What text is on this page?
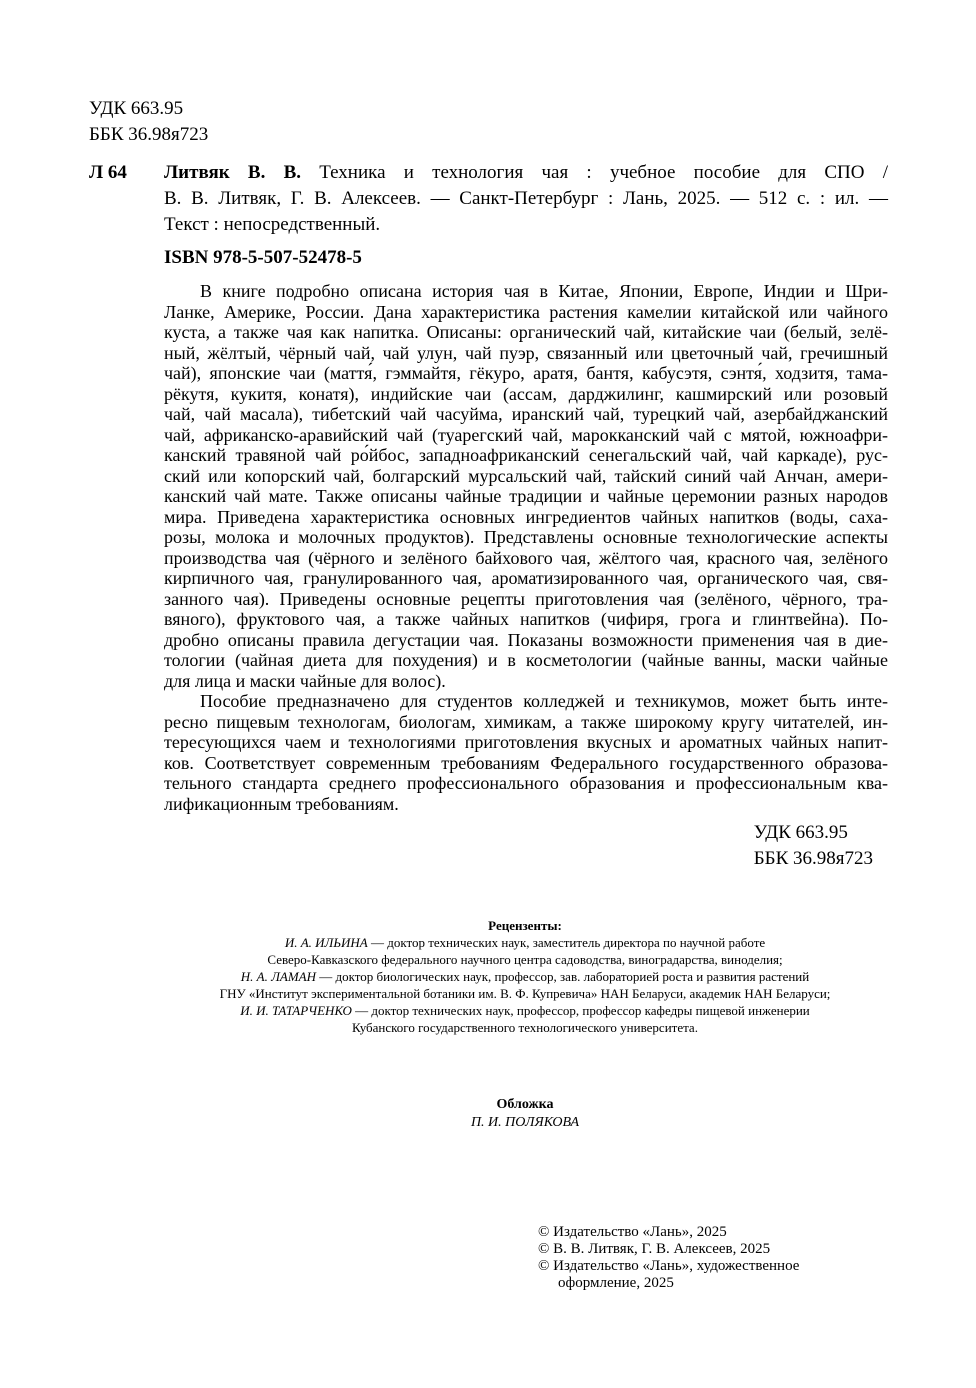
УДК 663.95
ББК 36.98я723
Л 64 Литвяк В. В. Техника и технология чая : учебное пособие для СПО /
В. В. Литвяк, Г. В. Алексеев. — Санкт-Петербург : Лань, 2025. — 512 с. : ил. —
Текст : непосредственный.
ISBN 978-5-507-52478-5
В книге подробно описана история чая в Китае, Японии, Европе, Индии и Шри-
Ланке, Америке, России. Дана характеристика растения камелии китайской или чайного
куста, а также чая как напитка. Описаны: органический чай, китайские чаи (белый, зелё-
ный, жёлтый, чёрный чай, чай улун, чай пуэр, связанный или цветочный чай, гречишный
чай), японские чаи (маття́, гэммайтя, гёкуро, аратя, бантя, кабусэтя, сэнтя́, ходзитя, тама-
рёкутя, кукитя, конатя), индийские чаи (ассам, дарджилинг, кашмирский или розовый
чай, чай масала), тибетский чай часуйма, иранский чай, турецкий чай, азербайджанский
чай, африканско-аравийский чай (туарегский чай, марокканский чай с мятой, южноафри-
канский травяной чай ро́йбос, западноафриканский сенегальский чай, чай каркаде), рус-
ский или копорский чай, болгарский мурсальский чай, тайский синий чай Анчан, амери-
канский чай мате. Также описаны чайные традиции и чайные церемонии разных народов
мира. Приведена характеристика основных ингредиентов чайных напитков (воды, саха-
розы, молока и молочных продуктов). Представлены основные технологические аспекты
производства чая (чёрного и зелёного байхового чая, жёлтого чая, красного чая, зелёного
кирпичного чая, гранулированного чая, ароматизированного чая, органического чая, свя-
занного чая). Приведены основные рецепты приготовления чая (зелёного, чёрного, тра-
вяного), фруктового чая, а также чайных напитков (чифиря, грога и глинтвейна). По-
дробно описаны правила дегустации чая. Показаны возможности применения чая в дие-
тологии (чайная диета для похудения) и в косметологии (чайные ванны, маски чайные
для лица и маски чайные для волос).
Пособие предназначено для студентов колледжей и техникумов, может быть инте-
ресно пищевым технологам, биологам, химикам, а также широкому кругу читателей, ин-
тересующихся чаем и технологиями приготовления вкусных и ароматных чайных напит-
ков. Соответствует современным требованиям Федерального государственного образова-
тельного стандарта среднего профессионального образования и профессиональным ква-
лификационным требованиям.
УДК 663.95
ББК 36.98я723
Рецензенты:
И. А. ИЛЬИНА — доктор технических наук, заместитель директора по научной работе
Северо-Кавказского федерального научного центра садоводства, виноградарства, виноделия;
Н. А. ЛАМАН — доктор биологических наук, профессор, зав. лабораторией роста и развития растений
ГНУ «Институт экспериментальной ботаники им. В. Ф. Купревича» НАН Беларуси, академик НАН Беларуси;
И. И. ТАТАРЧЕНКО — доктор технических наук, профессор, профессор кафедры пищевой инженерии
Кубанского государственного технологического университета.
Обложка
П. И. ПОЛЯКОВА
© Издательство «Лань», 2025
© В. В. Литвяк, Г. В. Алексеев, 2025
© Издательство «Лань», художественное
оформление, 2025
